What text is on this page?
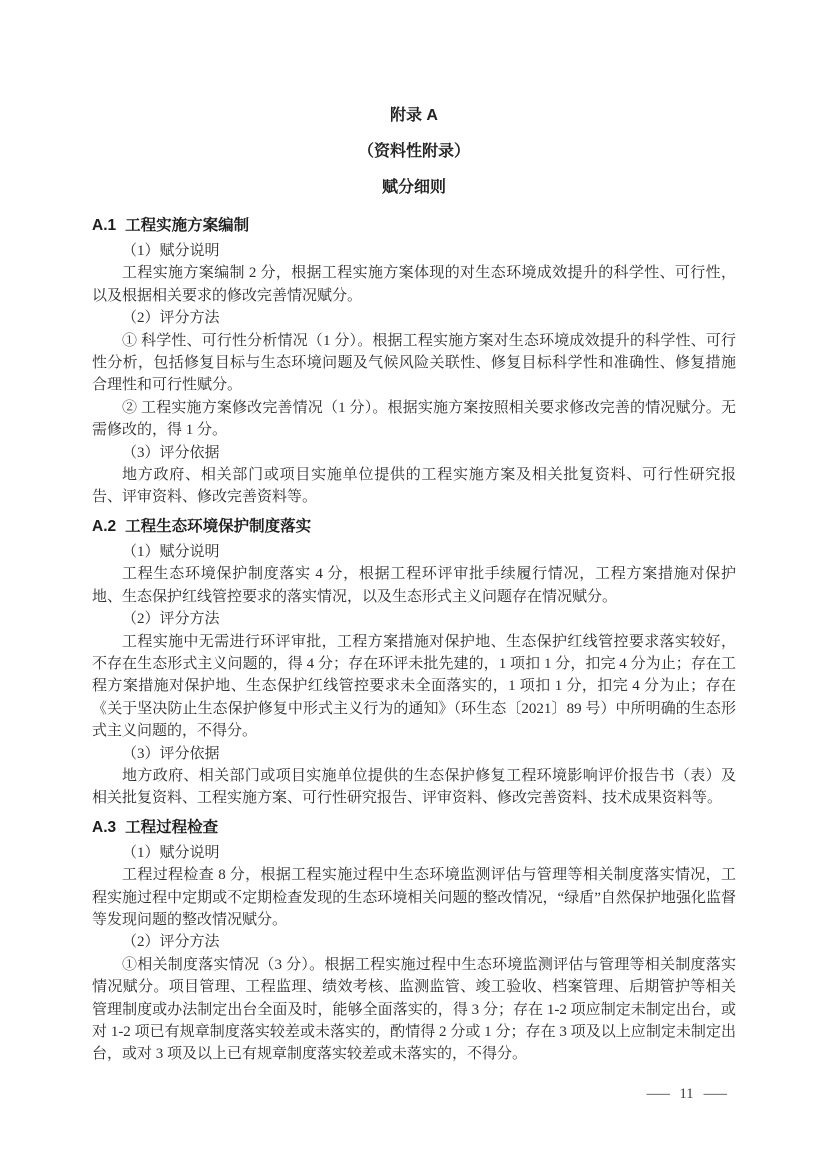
附录 A
（资料性附录）
赋分细则
A.1 工程实施方案编制

（1）赋分说明

工程实施方案编制 2 分，根据工程实施方案体现的对生态环境成效提升的科学性、可行性，以及根据相关要求的修改完善情况赋分。

（2）评分方法

① 科学性、可行性分析情况（1 分）。根据工程实施方案对生态环境成效提升的科学性、可行性分析，包括修复目标与生态环境问题及气候风险关联性、修复目标科学性和准确性、修复措施合理性和可行性赋分。

② 工程实施方案修改完善情况（1 分）。根据实施方案按照相关要求修改完善的情况赋分。无需修改的，得 1 分。

（3）评分依据

地方政府、相关部门或项目实施单位提供的工程实施方案及相关批复资料、可行性研究报告、评审资料、修改完善资料等。

A.2 工程生态环境保护制度落实

（1）赋分说明

工程生态环境保护制度落实 4 分，根据工程环评审批手续履行情况，工程方案措施对保护地、生态保护红线管控要求的落实情况，以及生态形式主义问题存在情况赋分。

（2）评分方法

工程实施中无需进行环评审批，工程方案措施对保护地、生态保护红线管控要求落实较好，不存在生态形式主义问题的，得 4 分；存在环评未批先建的，1 项扣 1 分，扣完 4 分为止；存在工程方案措施对保护地、生态保护红线管控要求未全面落实的，1 项扣 1 分，扣完 4 分为止；存在《关于坚决防止生态保护修复中形式主义行为的通知》（环生态〔2021〕89 号）中所明确的生态形式主义问题的，不得分。

（3）评分依据

地方政府、相关部门或项目实施单位提供的生态保护修复工程环境影响评价报告书（表）及相关批复资料、工程实施方案、可行性研究报告、评审资料、修改完善资料、技术成果资料等。

A.3 工程过程检查

（1）赋分说明

工程过程检查 8 分，根据工程实施过程中生态环境监测评估与管理等相关制度落实情况，工程实施过程中定期或不定期检查发现的生态环境相关问题的整改情况，“绿盾”自然保护地强化监督等发现问题的整改情况赋分。

（2）评分方法

①相关制度落实情况（3 分）。根据工程实施过程中生态环境监测评估与管理等相关制度落实情况赋分。项目管理、工程监理、绩效考核、监测监管、竣工验收、档案管理、后期管护等相关管理制度或办法制定出台全面及时，能够全面落实的，得 3 分；存在 1-2 项应制定未制定出台，或对 1-2 项已有规章制度落实较差或未落实的，酌情得 2 分或 1 分；存在 3 项及以上应制定未制定出台，或对 3 项及以上已有规章制度落实较差或未落实的，不得分。

— 11 —
